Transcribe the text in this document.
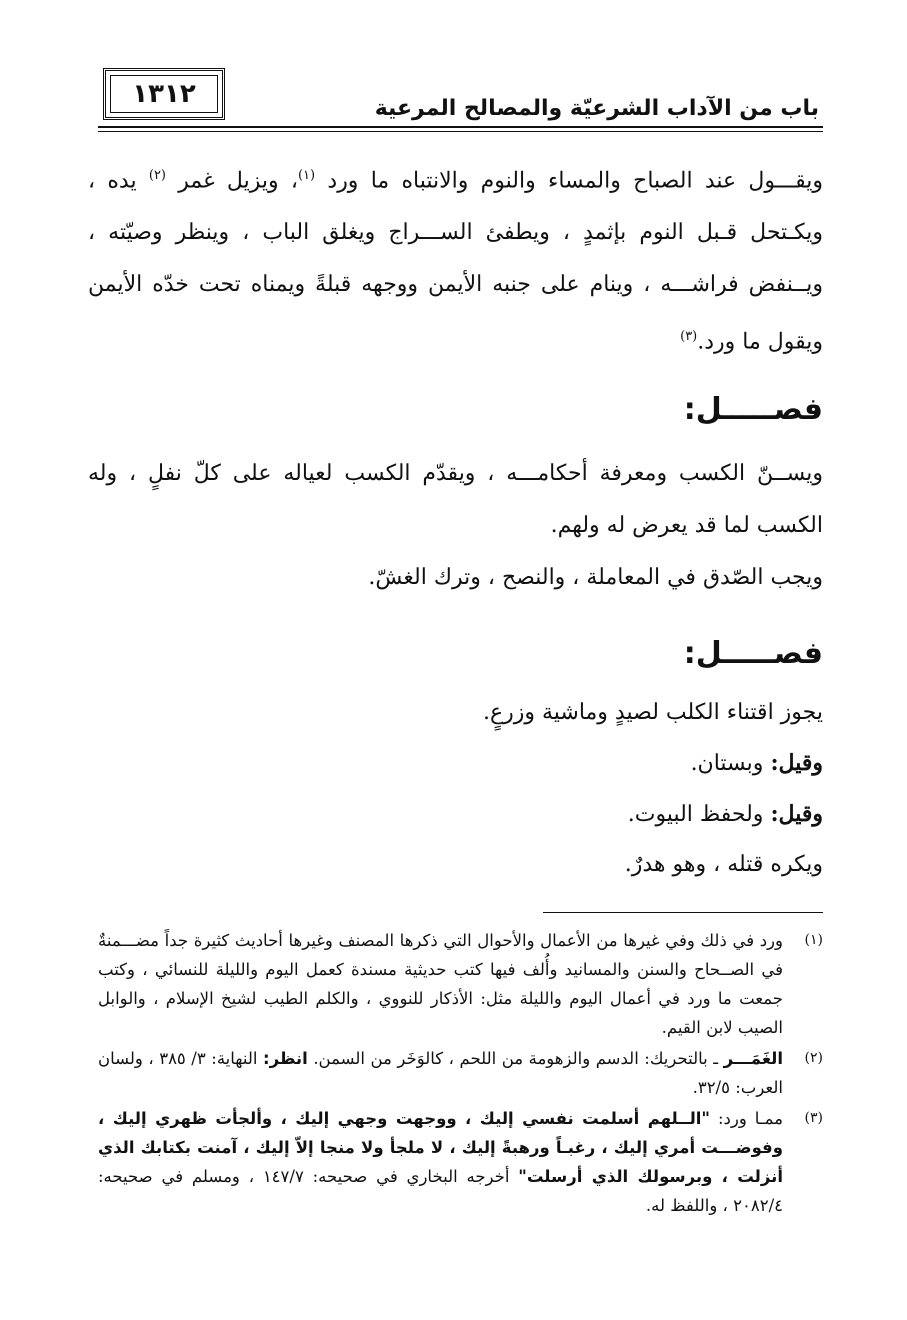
١٣١٢	باب من الآداب الشرعيّة والمصالح المرعية

ويقـــول عند الصباح والمساء والنوم والانتباه ما ورد $^{(١)}$، ويزيل غمر $^{(٢)}$ يده ، ويكـتحل قـبل النوم بإثمدٍ ، ويطفئ الســـراج ويغلق الباب ، وينظر وصيّته ، ويــنفض فراشـــه ، وينام على جنبه الأيمن ووجهه قبلةً ويمناه تحت خدّه الأيمن ويقول ما ورد.$^{(٣)}$

فصـــــل:

ويســنّ الكسب ومعرفة أحكامـــه ، ويقدّم الكسب لعياله على كلّ نفلٍ ، وله الكسب لما قد يعرض له ولهم.

ويجب الصّدق في المعاملة ، والنصح ، وترك الغشّ.

فصـــــل:

يجوز اقتناء الكلب لصيدٍ وماشية وزرعٍ.

وقيل: وبستان.

وقيل: ولحفظ البيوت.

ويكره قتله ، وهو هدرٌ.

(١)
ورد في ذلك وفي غيرها من الأعمال والأحوال التي ذكرها المصنف وغيرها أحاديث كثيرة جداً مضـــمنةٌ في الصــحاح والسنن والمسانيد وأُلف فيها كتب حديثية مسندة كعمل اليوم والليلة للنسائي ، وكتب جمعت ما ورد في أعمال اليوم والليلة مثل: الأذكار للنووي ، والكلم الطيب لشيخ الإسلام ، والوابل الصيب لابن القيم.
(٢)
الغَمَـــر ـ بالتحريك: الدسم والزهومة من اللحم ، كالوَخَر من السمن. انظر: النهاية: ٣/ ٣٨٥ ، ولسان العرب: ٣٢/٥.
(٣)
ممـا ورد: "الــلهم أسلمت نفسي إليك ، ووجهت وجهي إليك ، وألجأت ظهري إليك ، وفوضـــت أمري إليك ، رغبـاً ورهبةً إليك ، لا ملجأ ولا منجا إلاّ إليك ، آمنت بكتابك الذي أنزلت ، وبرسولك الذي أرسلت" أخرجه البخاري في صحيحه: ١٤٧/٧ ، ومسلم في صحيحه: ٢٠٨٢/٤ ، واللفظ له.
